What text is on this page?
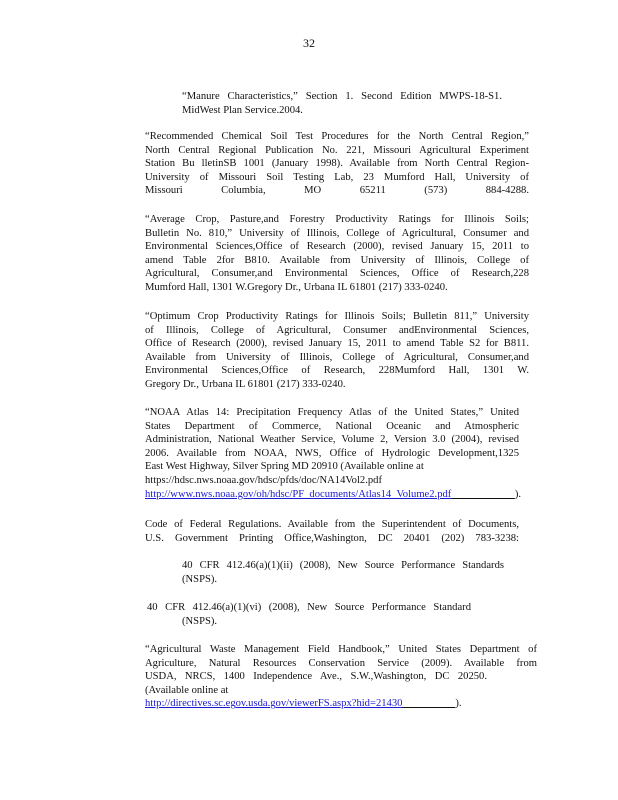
32
“Manure Characteristics,” Section 1. Second Edition MWPS-18-S1.
MidWest Plan Service.2004.
“Recommended Chemical Soil Test Procedures for the North Central Region,”
North Central Regional Publication No. 221, Missouri Agricultural Experiment
Station Bu lletinSB 1001 (January 1998). Available from North Central Region-
University of Missouri Soil Testing Lab, 23 Mumford Hall, University of
Missouri Columbia, MO 65211 (573) 884-4288.
“Average Crop, Pasture,and Forestry Productivity Ratings for Illinois Soils;
Bulletin No. 810,” University of Illinois, College of Agricultural, Consumer and
Environmental Sciences,Office of Research (2000), revised January 15, 2011 to
amend Table 2for B810. Available from University of Illinois, College of
Agricultural, Consumer,and Environmental Sciences, Office of Research,228
Mumford Hall, 1301 W.Gregory Dr., Urbana IL 61801 (217) 333-0240.
“Optimum Crop Productivity Ratings for Illinois Soils; Bulletin 811,” University
of Illinois, College of Agricultural, Consumer andEnvironmental Sciences,
Office of Research (2000), revised January 15, 2011 to amend Table S2 for B811.
Available from University of Illinois, College of Agricultural, Consumer,and
Environmental Sciences,Office of Research, 228Mumford Hall, 1301 W.
Gregory Dr., Urbana IL 61801 (217) 333-0240.
“NOAA Atlas 14: Precipitation Frequency Atlas of the United States,” United
States Department of Commerce, National Oceanic and Atmospheric
Administration, National Weather Service, Volume 2, Version 3.0 (2004), revised
2006. Available from NOAA, NWS, Office of Hydrologic Development,1325
East West Highway, Silver Spring MD 20910 (Available online at
https://hdsc.nws.noaa.gov/hdsc/pfds/doc/NA14Vol2.pdf
http://www.nws.noaa.gov/oh/hdsc/PF_documents/Atlas14_Volume2.pdf      	).
Code of Federal Regulations. Available from the Superintendent of Documents,
U.S. Government Printing Office,Washington, DC 20401 (202) 783-3238:
40 CFR 412.46(a)(1)(ii) (2008), New Source Performance Standards
(NSPS).
40 CFR 412.46(a)(1)(vi) (2008), New Source Performance Standard
(NSPS).
“Agricultural Waste Management Field Handbook,” United States Department of
Agriculture, Natural Resources Conservation Service (2009). Available from
USDA, NRCS, 1400 Independence Ave., S.W.,Washington, DC 20250.
(Available online at
http://directives.sc.egov.usda.gov/viewerFS.aspx?hid=21430     	).
